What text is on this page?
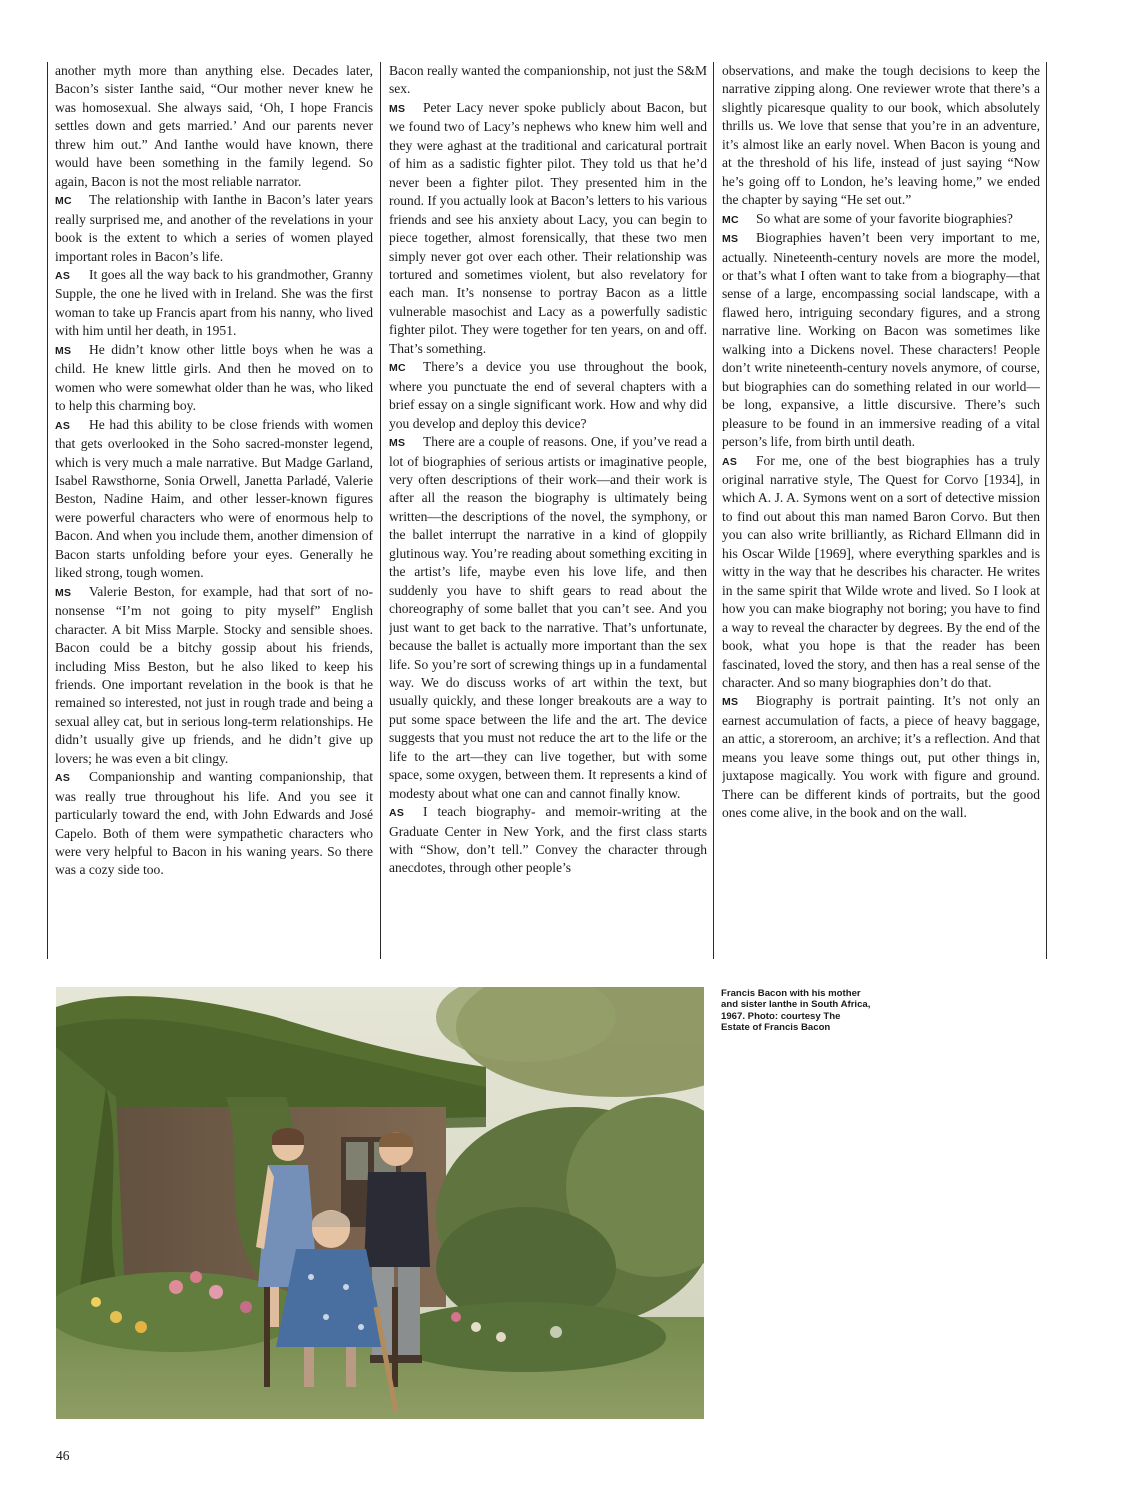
another myth more than anything else. Decades later, Bacon’s sister Ianthe said, “Our mother never knew he was homosexual. She always said, ‘Oh, I hope Francis settles down and gets married.’ And our parents never threw him out.” And Ianthe would have known, there would have been something in the family legend. So again, Bacon is not the most reliable narrator.

MC The relationship with Ianthe in Bacon’s later years really surprised me, and another of the revelations in your book is the extent to which a series of women played important roles in Bacon’s life.

AS It goes all the way back to his grandmother, Granny Supple, the one he lived with in Ireland. She was the first woman to take up Francis apart from his nanny, who lived with him until her death, in 1951.

MS He didn’t know other little boys when he was a child. He knew little girls. And then he moved on to women who were somewhat older than he was, who liked to help this charming boy.

AS He had this ability to be close friends with women that gets overlooked in the Soho sacred-monster legend, which is very much a male narrative. But Madge Garland, Isabel Rawsthorne, Sonia Orwell, Janetta Parladé, Valerie Beston, Nadine Haim, and other lesser-known figures were powerful characters who were of enormous help to Bacon. And when you include them, another dimension of Bacon starts unfolding before your eyes. Generally he liked strong, tough women.

MS Valerie Beston, for example, had that sort of no-nonsense “I’m not going to pity myself” English character. A bit Miss Marple. Stocky and sensible shoes. Bacon could be a bitchy gossip about his friends, including Miss Beston, but he also liked to keep his friends. One important revelation in the book is that he remained so interested, not just in rough trade and being a sexual alley cat, but in serious long-term relationships. He didn’t usually give up friends, and he didn’t give up lovers; he was even a bit clingy.

AS Companionship and wanting companionship, that was really true throughout his life. And you see it particularly toward the end, with John Edwards and José Capelo. Both of them were sympathetic characters who were very helpful to Bacon in his waning years. So there was a cozy side too.

Bacon really wanted the companionship, not just the S&M sex.

MS Peter Lacy never spoke publicly about Bacon, but we found two of Lacy’s nephews who knew him well and they were aghast at the traditional and caricatural portrait of him as a sadistic fighter pilot. They told us that he’d never been a fighter pilot. They presented him in the round. If you actually look at Bacon’s letters to his various friends and see his anxiety about Lacy, you can begin to piece together, almost forensically, that these two men simply never got over each other. Their relationship was tortured and sometimes violent, but also revelatory for each man. It’s nonsense to portray Bacon as a little vulnerable masochist and Lacy as a powerfully sadistic fighter pilot. They were together for ten years, on and off. That’s something.

MC There’s a device you use throughout the book, where you punctuate the end of several chapters with a brief essay on a single significant work. How and why did you develop and deploy this device?

MS There are a couple of reasons. One, if you’ve read a lot of biographies of serious artists or imaginative people, very often descriptions of their work—and their work is after all the reason the biography is ultimately being written—the descriptions of the novel, the symphony, or the ballet interrupt the narrative in a kind of gloppily glutinous way. You’re reading about something exciting in the artist’s life, maybe even his love life, and then suddenly you have to shift gears to read about the choreography of some ballet that you can’t see. And you just want to get back to the narrative. That’s unfortunate, because the ballet is actually more important than the sex life. So you’re sort of screwing things up in a fundamental way. We do discuss works of art within the text, but usually quickly, and these longer breakouts are a way to put some space between the life and the art. The device suggests that you must not reduce the art to the life or the life to the art—they can live together, but with some space, some oxygen, between them. It represents a kind of modesty about what one can and cannot finally know.

AS I teach biography- and memoir-writing at the Graduate Center in New York, and the first class starts with “Show, don’t tell.” Convey the character through anecdotes, through other people’s

observations, and make the tough decisions to keep the narrative zipping along. One reviewer wrote that there’s a slightly picaresque quality to our book, which absolutely thrills us. We love that sense that you’re in an adventure, it’s almost like an early novel. When Bacon is young and at the threshold of his life, instead of just saying “Now he’s going off to London, he’s leaving home,” we ended the chapter by saying “He set out.”

MC So what are some of your favorite biographies?

MS Biographies haven’t been very important to me, actually. Nineteenth-century novels are more the model, or that’s what I often want to take from a biography—that sense of a large, encompassing social landscape, with a flawed hero, intriguing secondary figures, and a strong narrative line. Working on Bacon was sometimes like walking into a Dickens novel. These characters! People don’t write nineteenth-century novels anymore, of course, but biographies can do something related in our world—be long, expansive, a little discursive. There’s such pleasure to be found in an immersive reading of a vital person’s life, from birth until death.

AS For me, one of the best biographies has a truly original narrative style, The Quest for Corvo [1934], in which A. J. A. Symons went on a sort of detective mission to find out about this man named Baron Corvo. But then you can also write brilliantly, as Richard Ellmann did in his Oscar Wilde [1969], where everything sparkles and is witty in the way that he describes his character. He writes in the same spirit that Wilde wrote and lived. So I look at how you can make biography not boring; you have to find a way to reveal the character by degrees. By the end of the book, what you hope is that the reader has been fascinated, loved the story, and then has a real sense of the character. And so many biographies don’t do that.

MS Biography is portrait painting. It’s not only an earnest accumulation of facts, a piece of heavy baggage, an attic, a storeroom, an archive; it’s a reflection. And that means you leave some things out, put other things in, juxtapose magically. You work with figure and ground. There can be different kinds of portraits, but the good ones come alive, in the book and on the wall.

Francis Bacon with his mother and sister Ianthe in South Africa, 1967. Photo: courtesy The Estate of Francis Bacon
46
